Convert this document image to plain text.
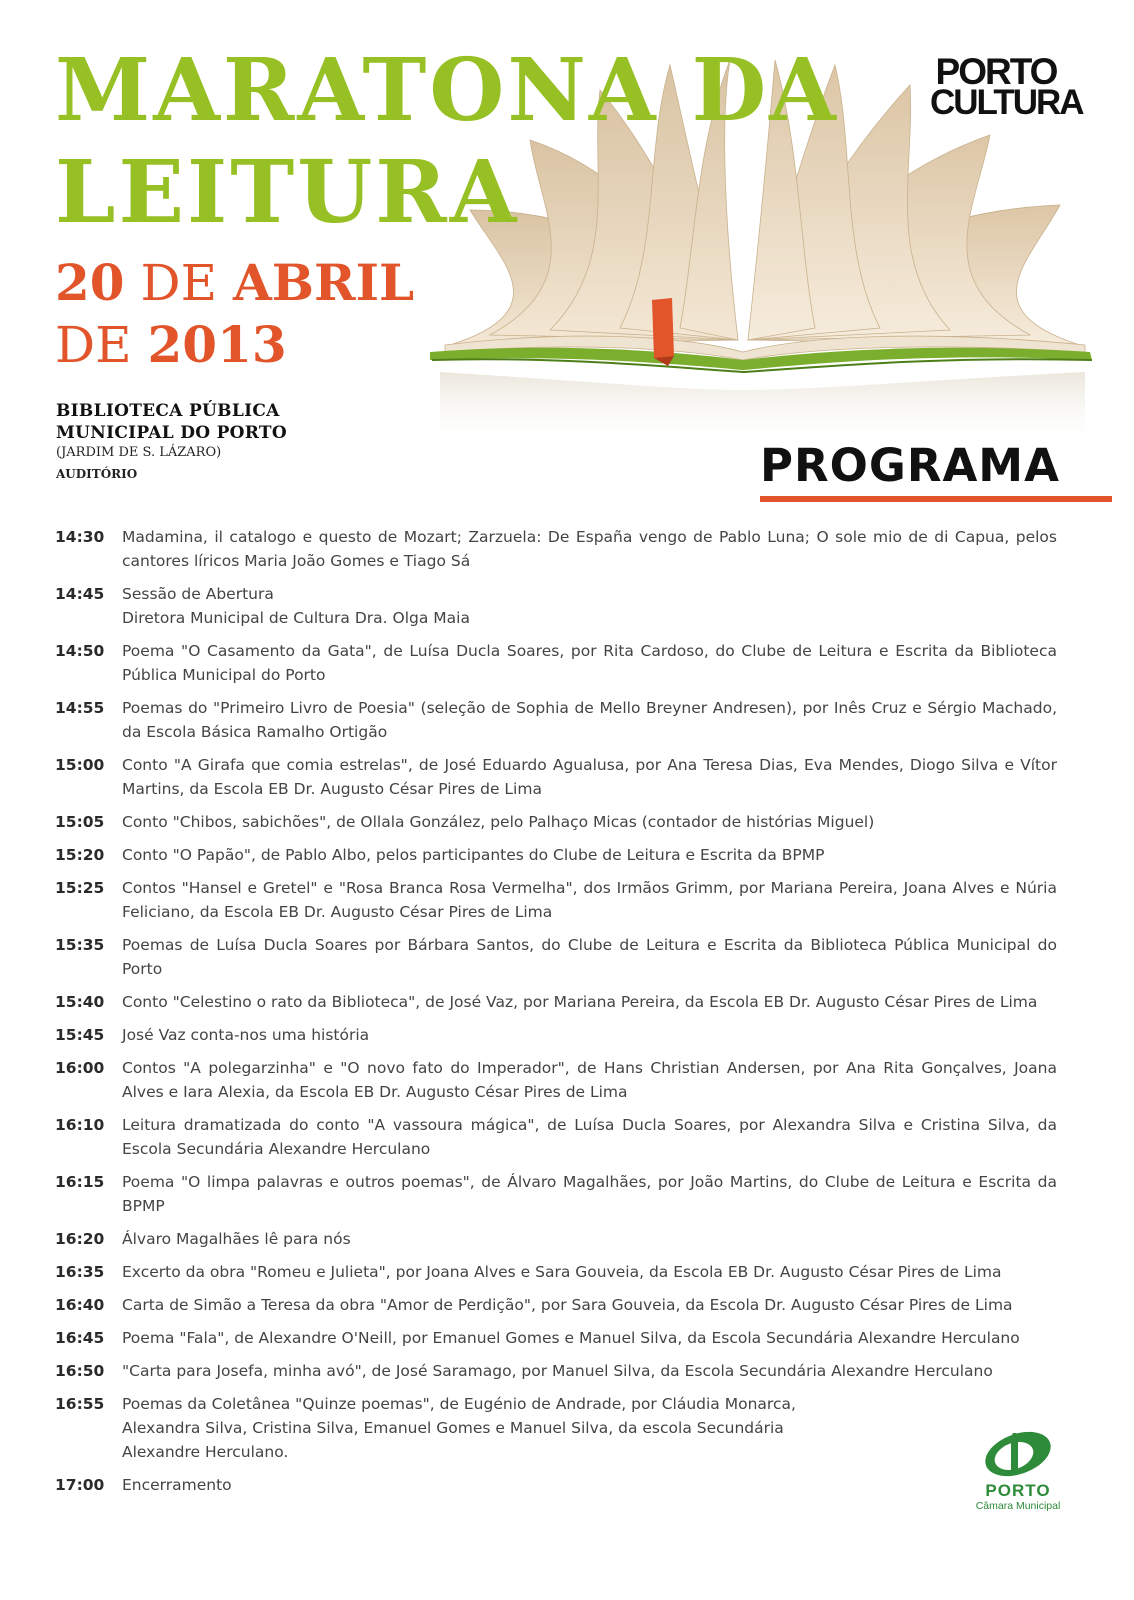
MARATONA DA
LEITURA
20 DE ABRIL
DE 2013
BIBLIOTECA PÚBLICA
MUNICIPAL DO PORTO
(JARDIM DE S. LÁZARO)
AUDITÓRIO
PORTO
CULTURA
PROGRAMA
14:30	Madamina, il catalogo e questo de Mozart; Zarzuela: De España vengo de Pablo Luna; O sole mio de di Capua, pelos cantores líricos Maria João Gomes e Tiago Sá
14:45	Sessão de Abertura
Diretora Municipal de Cultura Dra. Olga Maia
14:50	Poema "O Casamento da Gata", de Luísa Ducla Soares, por Rita Cardoso, do Clube de Leitura e Escrita da Biblioteca Pública Municipal do Porto
14:55	Poemas do "Primeiro Livro de Poesia" (seleção de Sophia de Mello Breyner Andresen), por Inês Cruz e Sérgio Machado, da Escola Básica Ramalho Ortigão
15:00	Conto "A Girafa que comia estrelas", de José Eduardo Agualusa, por Ana Teresa Dias, Eva Mendes, Diogo Silva e Vítor Martins, da Escola EB Dr. Augusto César Pires de Lima
15:05	Conto "Chibos, sabichões", de Ollala González, pelo Palhaço Micas (contador de histórias Miguel)
15:20	Conto "O Papão", de Pablo Albo, pelos participantes do Clube de Leitura e Escrita da BPMP
15:25	Contos "Hansel e Gretel" e "Rosa Branca Rosa Vermelha", dos Irmãos Grimm, por Mariana Pereira, Joana Alves e Núria Feliciano, da Escola EB Dr. Augusto César Pires de Lima
15:35	Poemas de Luísa Ducla Soares por Bárbara Santos, do Clube de Leitura e Escrita da Biblioteca Pública Municipal do Porto
15:40	Conto "Celestino o rato da Biblioteca", de José Vaz, por Mariana Pereira, da Escola EB Dr. Augusto César Pires de Lima
15:45	José Vaz conta-nos uma história
16:00	Contos "A polegarzinha" e "O novo fato do Imperador", de Hans Christian Andersen, por Ana Rita Gonçalves, Joana Alves e Iara Alexia, da Escola EB Dr. Augusto César Pires de Lima
16:10	Leitura dramatizada do conto "A vassoura mágica", de Luísa Ducla Soares, por Alexandra Silva e Cristina Silva, da Escola Secundária Alexandre Herculano
16:15	Poema "O limpa palavras e outros poemas", de Álvaro Magalhães, por João Martins, do Clube de Leitura e Escrita da BPMP
16:20	Álvaro Magalhães lê para nós
16:35	Excerto da obra "Romeu e Julieta", por Joana Alves e Sara Gouveia, da Escola EB Dr. Augusto César Pires de Lima
16:40	Carta de Simão a Teresa da obra "Amor de Perdição", por Sara Gouveia, da Escola Dr. Augusto César Pires de Lima
16:45	Poema "Fala", de Alexandre O'Neill, por Emanuel Gomes e Manuel Silva, da Escola Secundária Alexandre Herculano
16:50	"Carta para Josefa, minha avó", de José Saramago, por Manuel Silva, da Escola Secundária Alexandre Herculano
16:55	Poemas da Coletânea "Quinze poemas", de Eugénio de Andrade, por Cláudia Monarca,
Alexandra Silva, Cristina Silva, Emanuel Gomes e Manuel Silva, da escola Secundária
Alexandre Herculano.
17:00	Encerramento	PORTO
Câmara Municipal
